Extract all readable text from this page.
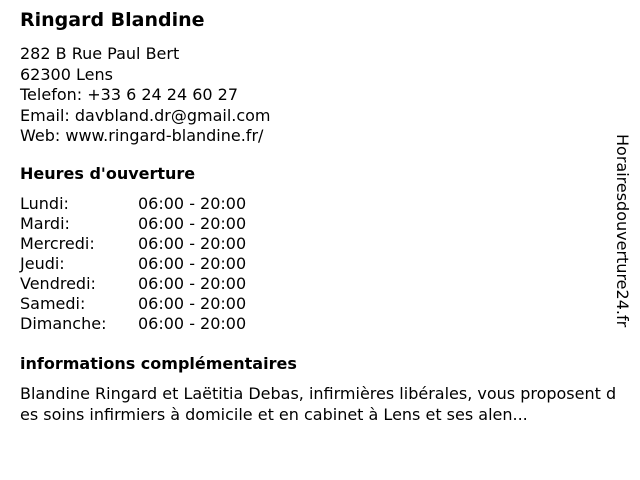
Ringard Blandine
282 B Rue Paul Bert
62300 Lens
Telefon: +33 6 24 24 60 27
Email: davbland.dr@gmail.com
Web: www.ringard-blandine.fr/
Heures d'ouverture
Lundi:	06:00 - 20:00
Mardi:	06:00 - 20:00
Mercredi:	06:00 - 20:00
Jeudi:	06:00 - 20:00
Vendredi:	06:00 - 20:00
Samedi:	06:00 - 20:00
Dimanche:	06:00 - 20:00
informations complémentaires
Blandine Ringard et Laëtitia Debas, infirmières libérales, vous proposent des soins infirmiers à domicile et en cabinet à Lens et ses alen...
Horairesdouverture24.fr
